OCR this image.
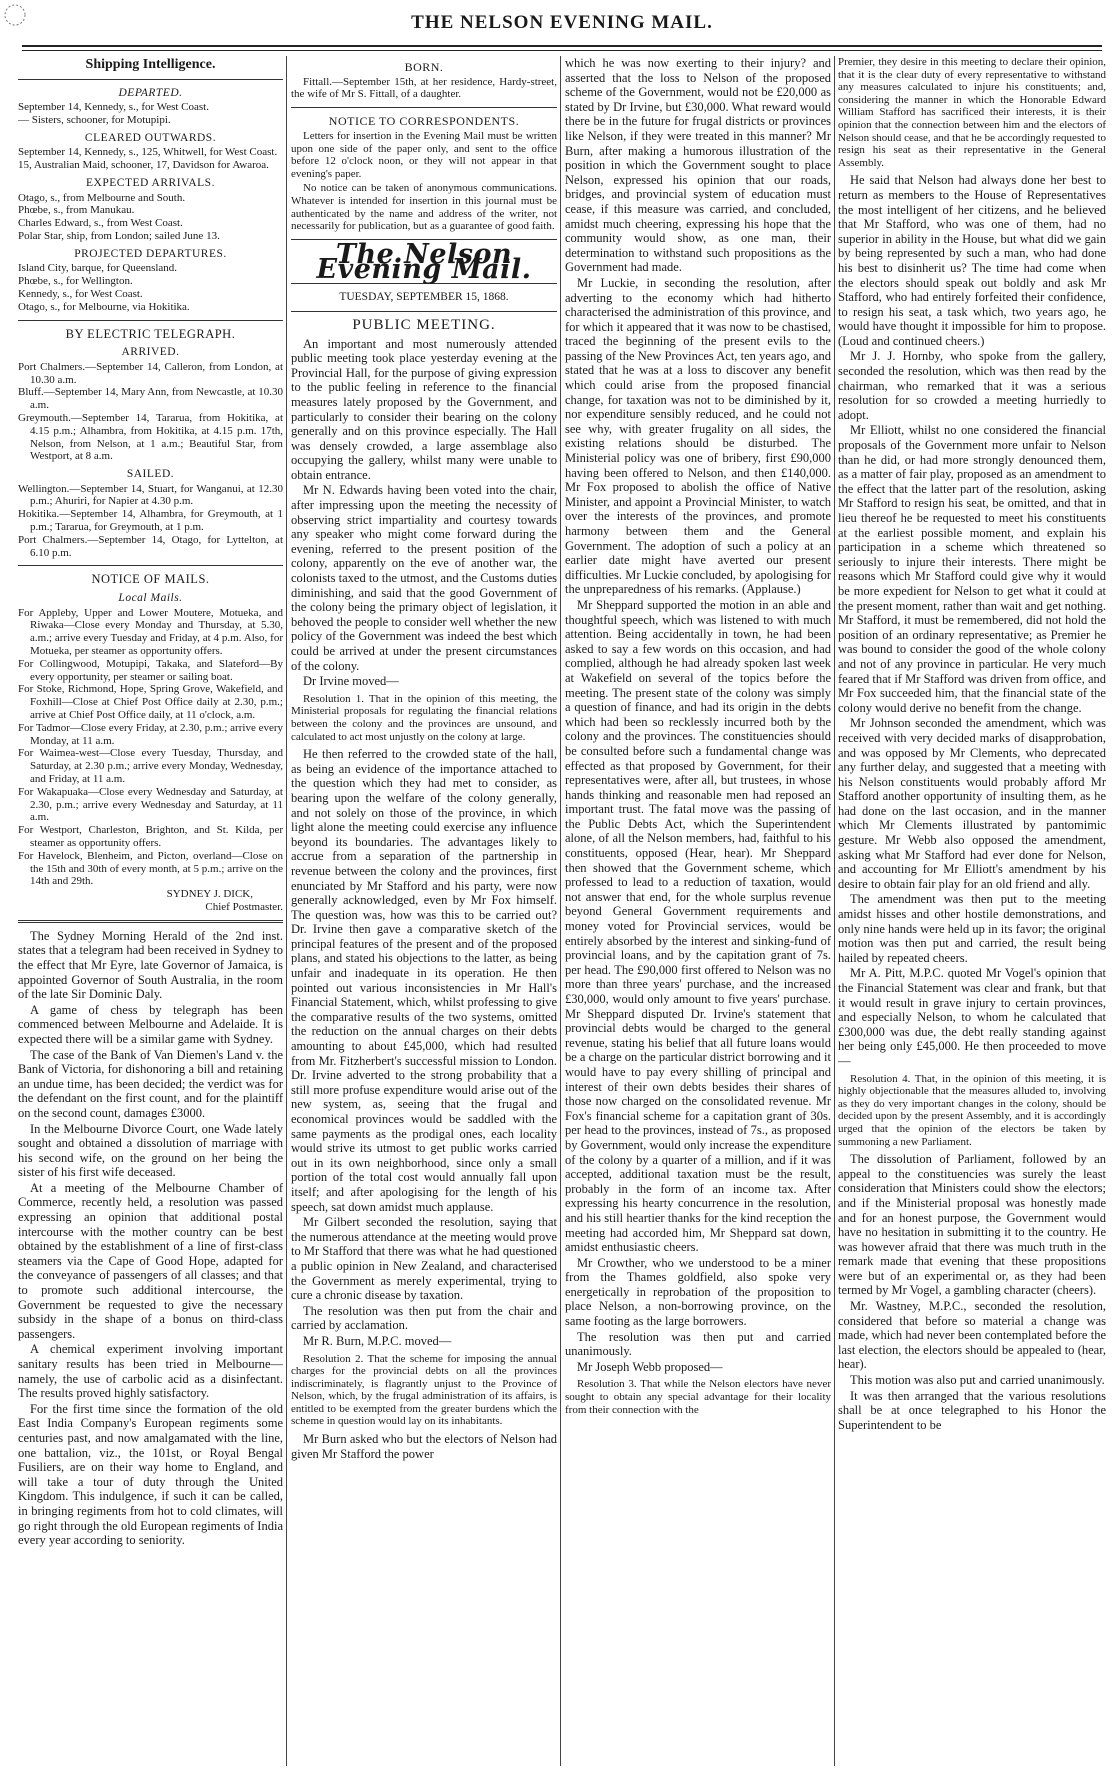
THE NELSON EVENING MAIL.
Shipping Intelligence.
DEPARTED.

September 14, Kennedy, s., for West Coast.

— Sisters, schooner, for Motupipi.

CLEARED OUTWARDS.

September 14, Kennedy, s., 125, Whitwell, for West Coast.

15, Australian Maid, schooner, 17, Davidson for Awaroa.

EXPECTED ARRIVALS.

Otago, s., from Melbourne and South.

Phœbe, s., from Manukau.

Charles Edward, s., from West Coast.

Polar Star, ship, from London; sailed June 13.

PROJECTED DEPARTURES.

Island City, barque, for Queensland.

Phœbe, s., for Wellington.

Kennedy, s., for West Coast.

Otago, s., for Melbourne, via Hokitika.

BY ELECTRIC TELEGRAPH.
ARRIVED.

Port Chalmers.—September 14, Calleron, from London, at 10.30 a.m.

Bluff.—September 14, Mary Ann, from Newcastle, at 10.30 a.m.

Greymouth.—September 14, Tararua, from Hokitika, at 4.15 p.m.; Alhambra, from Hokitika, at 4.15 p.m. 17th, Nelson, from Nelson, at 1 a.m.; Beautiful Star, from Westport, at 8 a.m.

SAILED.

Wellington.—September 14, Stuart, for Wanganui, at 12.30 p.m.; Ahuriri, for Napier at 4.30 p.m.

Hokitika.—September 14, Alhambra, for Greymouth, at 1 p.m.; Tararua, for Greymouth, at 1 p.m.

Port Chalmers.—September 14, Otago, for Lyttelton, at 6.10 p.m.

NOTICE OF MAILS.
Local Mails.

For Appleby, Upper and Lower Moutere, Motueka, and Riwaka—Close every Monday and Thursday, at 5.30, a.m.; arrive every Tuesday and Friday, at 4 p.m. Also, for Motueka, per steamer as opportunity offers.

For Collingwood, Motupipi, Takaka, and Slateford—By every opportunity, per steamer or sailing boat.

For Stoke, Richmond, Hope, Spring Grove, Wakefield, and Foxhill—Close at Chief Post Office daily at 2.30, p.m.; arrive at Chief Post Office daily, at 11 o'clock, a.m.

For Tadmor—Close every Friday, at 2.30, p.m.; arrive every Monday, at 11 a.m.

For Waimea-west—Close every Tuesday, Thursday, and Saturday, at 2.30 p.m.; arrive every Monday, Wednesday, and Friday, at 11 a.m.

For Wakapuaka—Close every Wednesday and Saturday, at 2.30, p.m.; arrive every Wednesday and Saturday, at 11 a.m.

For Westport, Charleston, Brighton, and St. Kilda, per steamer as opportunity offers.

For Havelock, Blenheim, and Picton, overland—Close on the 15th and 30th of every month, at 5 p.m.; arrive on the 14th and 29th.

SYDNEY J. DICK,

Chief Postmaster.

The Sydney Morning Herald of the 2nd inst. states that a telegram had been received in Sydney to the effect that Mr Eyre, late Governor of Jamaica, is appointed Governor of South Australia, in the room of the late Sir Dominic Daly.

A game of chess by telegraph has been commenced between Melbourne and Adelaide. It is expected there will be a similar game with Sydney.

The case of the Bank of Van Diemen's Land v. the Bank of Victoria, for dishonoring a bill and retaining an undue time, has been decided; the verdict was for the defendant on the first count, and for the plaintiff on the second count, damages £3000.

In the Melbourne Divorce Court, one Wade lately sought and obtained a dissolution of marriage with his second wife, on the ground on her being the sister of his first wife deceased.

At a meeting of the Melbourne Chamber of Commerce, recently held, a resolution was passed expressing an opinion that additional postal intercourse with the mother country can be best obtained by the establishment of a line of first-class steamers via the Cape of Good Hope, adapted for the conveyance of passengers of all classes; and that to promote such additional intercourse, the Government be requested to give the necessary subsidy in the shape of a bonus on third-class passengers.

A chemical experiment involving important sanitary results has been tried in Melbourne—namely, the use of carbolic acid as a disinfectant. The results proved highly satisfactory.

For the first time since the formation of the old East India Company's European regiments some centuries past, and now amalgamated with the line, one battalion, viz., the 101st, or Royal Bengal Fusiliers, are on their way home to England, and will take a tour of duty through the United Kingdom. This indulgence, if such it can be called, in bringing regiments from hot to cold climates, will go right through the old European regiments of India every year according to seniority.

BORN.

Fittall.—September 15th, at her residence, Hardy-street, the wife of Mr S. Fittall, of a daughter.

NOTICE TO CORRESPONDENTS.

Letters for insertion in the Evening Mail must be written upon one side of the paper only, and sent to the office before 12 o'clock noon, or they will not appear in that evening's paper.

No notice can be taken of anonymous communications. Whatever is intended for insertion in this journal must be authenticated by the name and address of the writer, not necessarily for publication, but as a guarantee of good faith.

The Nelson Evening Mail.
TUESDAY, SEPTEMBER 15, 1868.
PUBLIC MEETING.

An important and most numerously attended public meeting took place yesterday evening at the Provincial Hall, for the purpose of giving expression to the public feeling in reference to the financial measures lately proposed by the Government, and particularly to consider their bearing on the colony generally and on this province especially. The Hall was densely crowded, a large assemblage also occupying the gallery, whilst many were unable to obtain entrance.

Mr N. Edwards having been voted into the chair, after impressing upon the meeting the necessity of observing strict impartiality and courtesy towards any speaker who might come forward during the evening, referred to the present position of the colony, apparently on the eve of another war, the colonists taxed to the utmost, and the Customs duties diminishing, and said that the good Government of the colony being the primary object of legislation, it behoved the people to consider well whether the new policy of the Government was indeed the best which could be arrived at under the present circumstances of the colony.

Dr Irvine moved—

Resolution 1. That in the opinion of this meeting, the Ministerial proposals for regulating the financial relations between the colony and the provinces are unsound, and calculated to act most unjustly on the colony at large.

He then referred to the crowded state of the hall, as being an evidence of the importance attached to the question which they had met to consider, as bearing upon the welfare of the colony generally, and not solely on those of the province, in which light alone the meeting could exercise any influence beyond its boundaries. The advantages likely to accrue from a separation of the partnership in revenue between the colony and the provinces, first enunciated by Mr Stafford and his party, were now generally acknowledged, even by Mr Fox himself. The question was, how was this to be carried out? Dr. Irvine then gave a comparative sketch of the principal features of the present and of the proposed plans, and stated his objections to the latter, as being unfair and inadequate in its operation. He then pointed out various inconsistencies in Mr Hall's Financial Statement, which, whilst professing to give the comparative results of the two systems, omitted the reduction on the annual charges on their debts amounting to about £45,000, which had resulted from Mr. Fitzherbert's successful mission to London. Dr. Irvine adverted to the strong probability that a still more profuse expenditure would arise out of the new system, as, seeing that the frugal and economical provinces would be saddled with the same payments as the prodigal ones, each locality would strive its utmost to get public works carried out in its own neighborhood, since only a small portion of the total cost would annually fall upon itself; and after apologising for the length of his speech, sat down amidst much applause.

Mr Gilbert seconded the resolution, saying that the numerous attendance at the meeting would prove to Mr Stafford that there was what he had questioned a public opinion in New Zealand, and characterised the Government as merely experimental, trying to cure a chronic disease by taxation.

The resolution was then put from the chair and carried by acclamation.

Mr R. Burn, M.P.C. moved—

Resolution 2. That the scheme for imposing the annual charges for the provincial debts on all the provinces indiscriminately, is flagrantly unjust to the Province of Nelson, which, by the frugal administration of its affairs, is entitled to be exempted from the greater burdens which the scheme in question would lay on its inhabitants.

Mr Burn asked who but the electors of Nelson had given Mr Stafford the power

which he was now exerting to their injury? and asserted that the loss to Nelson of the proposed scheme of the Government, would not be £20,000 as stated by Dr Irvine, but £30,000. What reward would there be in the future for frugal districts or provinces like Nelson, if they were treated in this manner? Mr Burn, after making a humorous illustration of the position in which the Government sought to place Nelson, expressed his opinion that our roads, bridges, and provincial system of education must cease, if this measure was carried, and concluded, amidst much cheering, expressing his hope that the community would show, as one man, their determination to withstand such propositions as the Government had made.

Mr Luckie, in seconding the resolution, after adverting to the economy which had hitherto characterised the administration of this province, and for which it appeared that it was now to be chastised, traced the beginning of the present evils to the passing of the New Provinces Act, ten years ago, and stated that he was at a loss to discover any benefit which could arise from the proposed financial change, for taxation was not to be diminished by it, nor expenditure sensibly reduced, and he could not see why, with greater frugality on all sides, the existing relations should be disturbed. The Ministerial policy was one of bribery, first £90,000 having been offered to Nelson, and then £140,000. Mr Fox proposed to abolish the office of Native Minister, and appoint a Provincial Minister, to watch over the interests of the provinces, and promote harmony between them and the General Government. The adoption of such a policy at an earlier date might have averted our present difficulties. Mr Luckie concluded, by apologising for the unpreparedness of his remarks. (Applause.)

Mr Sheppard supported the motion in an able and thoughtful speech, which was listened to with much attention. Being accidentally in town, he had been asked to say a few words on this occasion, and had complied, although he had already spoken last week at Wakefield on several of the topics before the meeting. The present state of the colony was simply a question of finance, and had its origin in the debts which had been so recklessly incurred both by the colony and the provinces. The constituencies should be consulted before such a fundamental change was effected as that proposed by Government, for their representatives were, after all, but trustees, in whose hands thinking and reasonable men had reposed an important trust. The fatal move was the passing of the Public Debts Act, which the Superintendent alone, of all the Nelson members, had, faithful to his constituents, opposed (Hear, hear). Mr Sheppard then showed that the Government scheme, which professed to lead to a reduction of taxation, would not answer that end, for the whole surplus revenue beyond General Government requirements and money voted for Provincial services, would be entirely absorbed by the interest and sinking-fund of provincial loans, and by the capitation grant of 7s. per head. The £90,000 first offered to Nelson was no more than three years' purchase, and the increased £30,000, would only amount to five years' purchase. Mr Sheppard disputed Dr. Irvine's statement that provincial debts would be charged to the general revenue, stating his belief that all future loans would be a charge on the particular district borrowing and it would have to pay every shilling of principal and interest of their own debts besides their shares of those now charged on the consolidated revenue. Mr Fox's financial scheme for a capitation grant of 30s. per head to the provinces, instead of 7s., as proposed by Government, would only increase the expenditure of the colony by a quarter of a million, and if it was accepted, additional taxation must be the result, probably in the form of an income tax. After expressing his hearty concurrence in the resolution, and his still heartier thanks for the kind reception the meeting had accorded him, Mr Sheppard sat down, amidst enthusiastic cheers.

Mr Crowther, who we understood to be a miner from the Thames goldfield, also spoke very energetically in reprobation of the proposition to place Nelson, a non-borrowing province, on the same footing as the large borrowers.

The resolution was then put and carried unanimously.

Mr Joseph Webb proposed—

Resolution 3. That while the Nelson electors have never sought to obtain any special advantage for their locality from their connection with the

Premier, they desire in this meeting to declare their opinion, that it is the clear duty of every representative to withstand any measures calculated to injure his constituents; and, considering the manner in which the Honorable Edward William Stafford has sacrificed their interests, it is their opinion that the connection between him and the electors of Nelson should cease, and that he be accordingly requested to resign his seat as their representative in the General Assembly.

He said that Nelson had always done her best to return as members to the House of Representatives the most intelligent of her citizens, and he believed that Mr Stafford, who was one of them, had no superior in ability in the House, but what did we gain by being represented by such a man, who had done his best to disinherit us? The time had come when the electors should speak out boldly and ask Mr Stafford, who had entirely forfeited their confidence, to resign his seat, a task which, two years ago, he would have thought it impossible for him to propose. (Loud and continued cheers.)

Mr J. J. Hornby, who spoke from the gallery, seconded the resolution, which was then read by the chairman, who remarked that it was a serious resolution for so crowded a meeting hurriedly to adopt.

Mr Elliott, whilst no one considered the financial proposals of the Government more unfair to Nelson than he did, or had more strongly denounced them, as a matter of fair play, proposed as an amendment to the effect that the latter part of the resolution, asking Mr Stafford to resign his seat, be omitted, and that in lieu thereof he be requested to meet his constituents at the earliest possible moment, and explain his participation in a scheme which threatened so seriously to injure their interests. There might be reasons which Mr Stafford could give why it would be more expedient for Nelson to get what it could at the present moment, rather than wait and get nothing. Mr Stafford, it must be remembered, did not hold the position of an ordinary representative; as Premier he was bound to consider the good of the whole colony and not of any province in particular. He very much feared that if Mr Stafford was driven from office, and Mr Fox succeeded him, that the financial state of the colony would derive no benefit from the change.

Mr Johnson seconded the amendment, which was received with very decided marks of disapprobation, and was opposed by Mr Clements, who deprecated any further delay, and suggested that a meeting with his Nelson constituents would probably afford Mr Stafford another opportunity of insulting them, as he had done on the last occasion, and in the manner which Mr Clements illustrated by pantomimic gesture. Mr Webb also opposed the amendment, asking what Mr Stafford had ever done for Nelson, and accounting for Mr Elliott's amendment by his desire to obtain fair play for an old friend and ally.

The amendment was then put to the meeting amidst hisses and other hostile demonstrations, and only nine hands were held up in its favor; the original motion was then put and carried, the result being hailed by repeated cheers.

Mr A. Pitt, M.P.C. quoted Mr Vogel's opinion that the Financial Statement was clear and frank, but that it would result in grave injury to certain provinces, and especially Nelson, to whom he calculated that £300,000 was due, the debt really standing against her being only £45,000. He then proceeded to move—

Resolution 4. That, in the opinion of this meeting, it is highly objectionable that the measures alluded to, involving as they do very important changes in the colony, should be decided upon by the present Assembly, and it is accordingly urged that the opinion of the electors be taken by summoning a new Parliament.

The dissolution of Parliament, followed by an appeal to the constituencies was surely the least consideration that Ministers could show the electors; and if the Ministerial proposal was honestly made and for an honest purpose, the Government would have no hesitation in submitting it to the country. He was however afraid that there was much truth in the remark made that evening that these propositions were but of an experimental or, as they had been termed by Mr Vogel, a gambling character (cheers).

Mr. Wastney, M.P.C., seconded the resolution, considered that before so material a change was made, which had never been contemplated before the last election, the electors should be appealed to (hear, hear).

This motion was also put and carried unanimously.

It was then arranged that the various resolutions shall be at once telegraphed to his Honor the Superintendent to be
